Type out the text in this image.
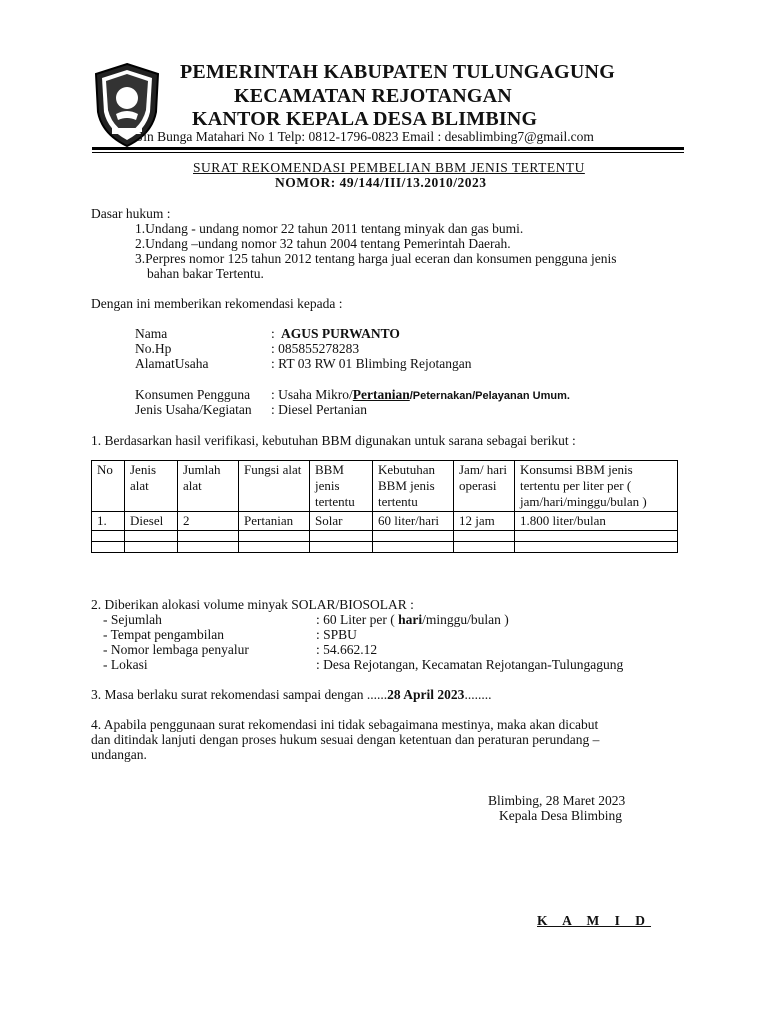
PEMERINTAH KABUPATEN TULUNGAGUNG
KECAMATAN REJOTANGAN
KANTOR KEPALA DESA BLIMBING
Jln Bunga Matahari No 1 Telp: 0812-1796-0823 Email : desablimbing7@gmail.com
SURAT REKOMENDASI PEMBELIAN BBM JENIS TERTENTU
NOMOR: 49/144/III/13.2010/2023
Dasar hukum :
1.Undang - undang nomor 22 tahun 2011 tentang minyak dan gas bumi.
2.Undang –undang nomor 32 tahun 2004 tentang Pemerintah Daerah.
3.Perpres nomor 125 tahun 2012 tentang harga jual eceran dan konsumen pengguna jenis
bahan bakar Tertentu.
Dengan ini memberikan rekomendasi kepada :
Nama	: AGUS PURWANTO
No.Hp	: 085855278283
AlamatUsaha	: RT 03 RW 01 Blimbing Rejotangan
Konsumen Pengguna : Usaha Mikro/Pertanian/Peternakan/Pelayanan Umum.
Jenis Usaha/Kegiatan : Diesel Pertanian
1. Berdasarkan hasil verifikasi, kebutuhan BBM digunakan untuk sarana sebagai berikut :
No	Jenis alat	Jumlah alat	Fungsi alat	BBM jenis tertentu	Kebutuhan BBM jenis tertentu	Jam/ hari operasi	Konsumsi BBM jenis tertentu per liter per ( jam/hari/minggu/bulan )
1.	Diesel	2	Pertanian	Solar	60 liter/hari	12 jam	1.800 liter/bulan

2. Diberikan alokasi volume minyak SOLAR/BIOSOLAR :
- Sejumlah	: 60 Liter per ( hari/minggu/bulan )
- Tempat pengambilan	: SPBU
- Nomor lembaga penyalur	: 54.662.12
- Lokasi	: Desa Rejotangan, Kecamatan Rejotangan-Tulungagung
3. Masa berlaku surat rekomendasi sampai dengan ......28 April 2023........
4. Apabila penggunaan surat rekomendasi ini tidak sebagaimana mestinya, maka akan dicabut
dan ditindak lanjuti dengan proses hukum sesuai dengan ketentuan dan peraturan perundang –
undangan.
Blimbing, 28 Maret 2023
Kepala Desa Blimbing
K A M I D
